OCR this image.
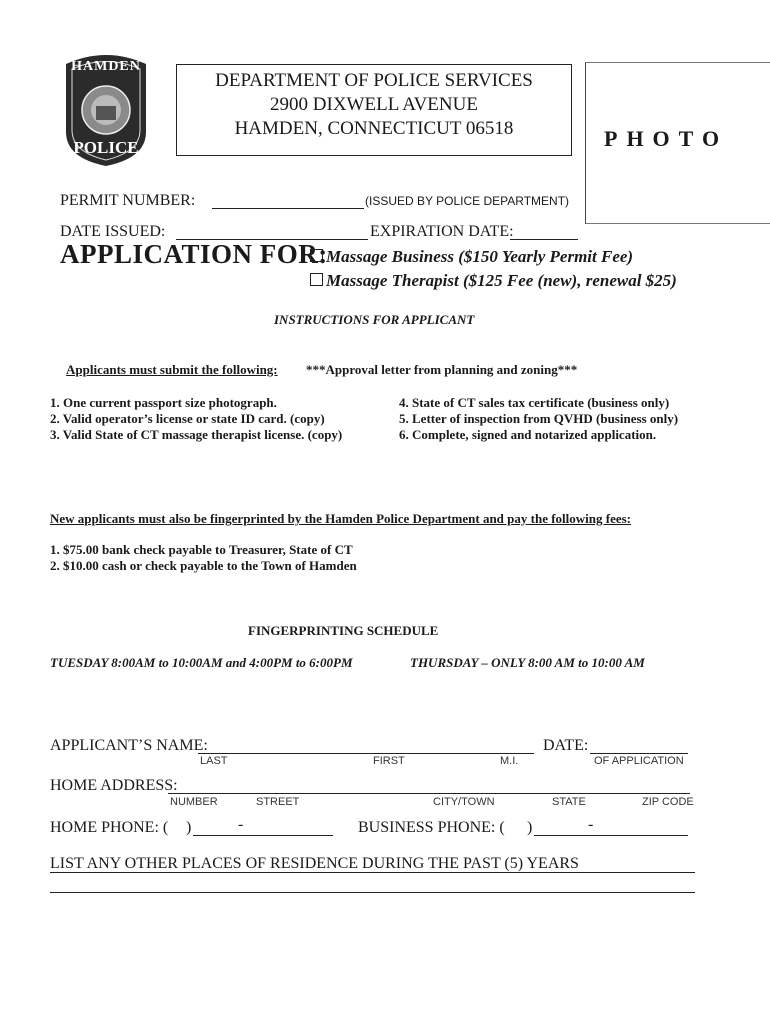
HAMDEN
POLICE
DEPARTMENT OF POLICE SERVICES
2900 DIXWELL AVENUE
HAMDEN, CONNECTICUT 06518	PHOTO
PERMIT NUMBER:	(ISSUED BY POLICE DEPARTMENT)
DATE ISSUED:	EXPIRATION DATE:
APPLICATION FOR:
Massage Business ($150 Yearly Permit Fee)
Massage Therapist ($125 Fee (new), renewal $25)
INSTRUCTIONS FOR APPLICANT
Applicants must submit the following: ***Approval letter from planning and zoning***
1. One current passport size photograph.
2. Valid operator’s license or state ID card. (copy)
3. Valid State of CT massage therapist license. (copy)
4. State of CT sales tax certificate (business only)
5. Letter of inspection from QVHD (business only)
6. Complete, signed and notarized application.
New applicants must also be fingerprinted by the Hamden Police Department and pay the following fees:
1. $75.00 bank check payable to Treasurer, State of CT
2. $10.00 cash or check payable to the Town of Hamden
FINGERPRINTING SCHEDULE
TUESDAY 8:00AM to 10:00AM and 4:00PM to 6:00PM	THURSDAY – ONLY 8:00 AM to 10:00 AM
APPLICANT’S NAME:	DATE:
LAST	FIRST	M.I.	OF APPLICATION
HOME ADDRESS:
NUMBER	STREET	CITY/TOWN	STATE	ZIP CODE
HOME PHONE: ( )	-	BUSINESS PHONE: ( )	-
LIST ANY OTHER PLACES OF RESIDENCE DURING THE PAST (5) YEARS
